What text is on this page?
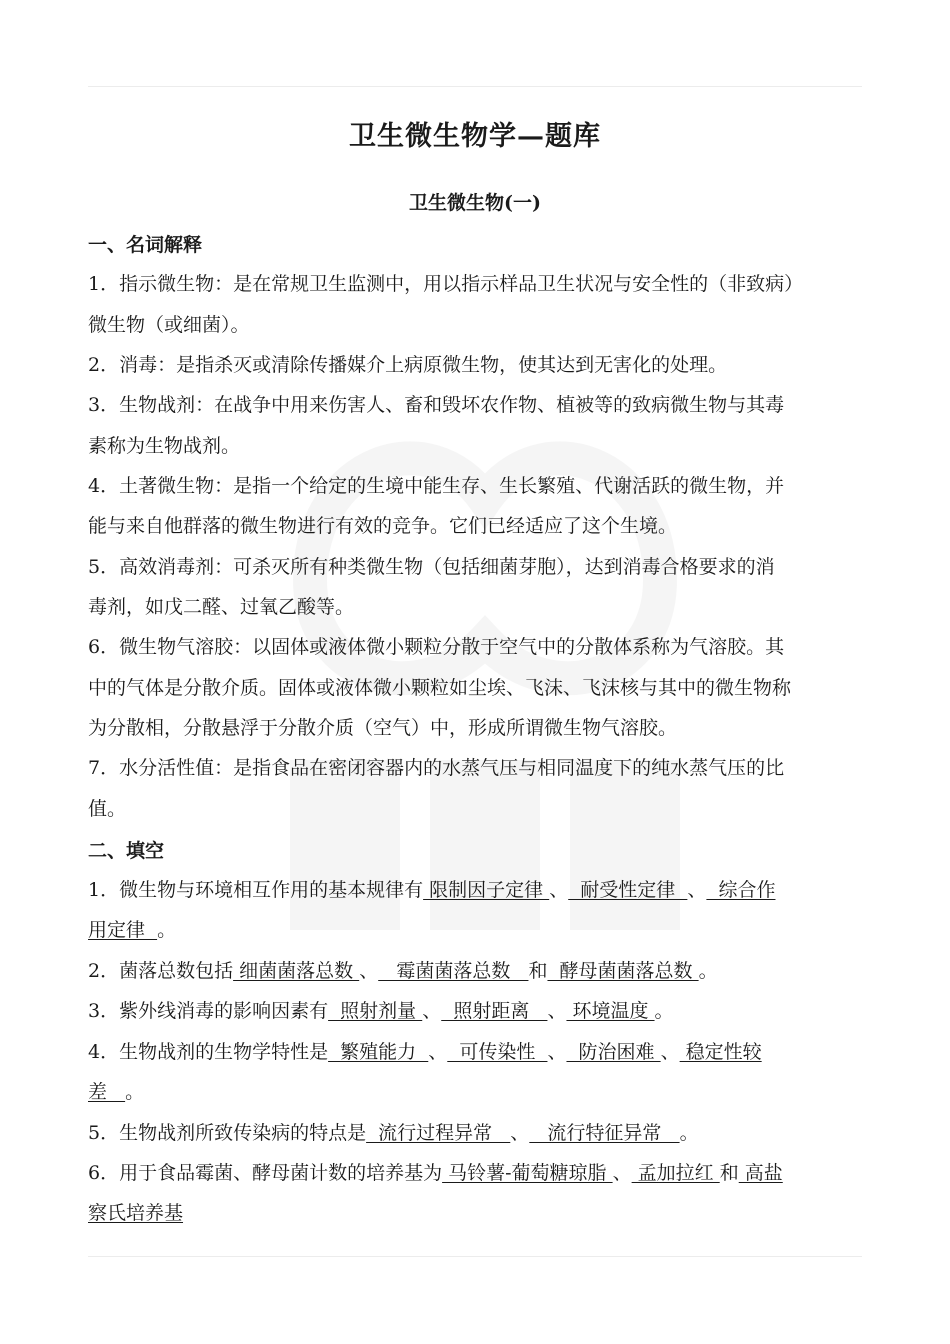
卫生微生物学—题库
卫生微生物(一)
一、名词解释
1．指示微生物：是在常规卫生监测中，用以指示样品卫生状况与安全性的（非致病）
微生物（或细菌）。
2．消毒：是指杀灭或清除传播媒介上病原微生物，使其达到无害化的处理。
3．生物战剂：在战争中用来伤害人、畜和毁坏农作物、植被等的致病微生物与其毒
素称为生物战剂。
4．土著微生物：是指一个给定的生境中能生存、生长繁殖、代谢活跃的微生物，并
能与来自他群落的微生物进行有效的竞争。它们已经适应了这个生境。
5．高效消毒剂：可杀灭所有种类微生物（包括细菌芽胞），达到消毒合格要求的消
毒剂，如戊二醛、过氧乙酸等。
6．微生物气溶胶：以固体或液体微小颗粒分散于空气中的分散体系称为气溶胶。其
中的气体是分散介质。固体或液体微小颗粒如尘埃、飞沫、飞沫核与其中的微生物称
为分散相，分散悬浮于分散介质（空气）中，形成所谓微生物气溶胶。
7．水分活性值：是指食品在密闭容器内的水蒸气压与相同温度下的纯水蒸气压的比
值。
二、填空
1．微生物与环境相互作用的基本规律有 限制因子定律 、  耐受性定律  、  综合作
用定律  。
2．菌落总数包括 细菌菌落总数 、   霉菌菌落总数   和  酵母菌菌落总数 。
3．紫外线消毒的影响因素有  照射剂量 、  照射距离   、 环境温度 。
4．生物战剂的生物学特性是  繁殖能力  、  可传染性  、  防治困难 、 稳定性较
差   。
5．生物战剂所致传染病的特点是  流行过程异常   、   流行特征异常   。
6．用于食品霉菌、酵母菌计数的培养基为 马铃薯-葡萄糖琼脂 、 孟加拉红 和 高盐
察氏培养基
